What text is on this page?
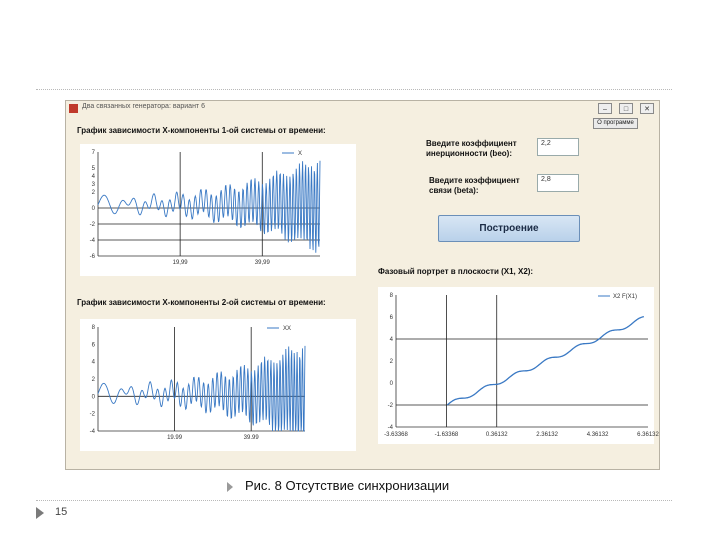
Два связанных генератора: вариант 6	–	□	✕
О программе
График зависимости Х-компоненты 1-ой системы от времени:
7
5
4
3
2
0
-2
-4
-6
19,99	39,99
X
Введите коэффициент инерционности (beo):
2,2
Введите коэффициент связи (beta):
2,8
Построение
Фазовый портрет в плоскости (X1, X2):
8
6
4
2
0
-2
-4
-3.63368	-1.63368	0.36132	2.36132	4.36132	6.36132
X2 F(X1)
График зависимости Х-компоненты 2-ой системы от времени:
8
6
4
2
0
-2
-4
19.99	39.99
XX
Рис. 8 Отсутствие синхронизации
15
